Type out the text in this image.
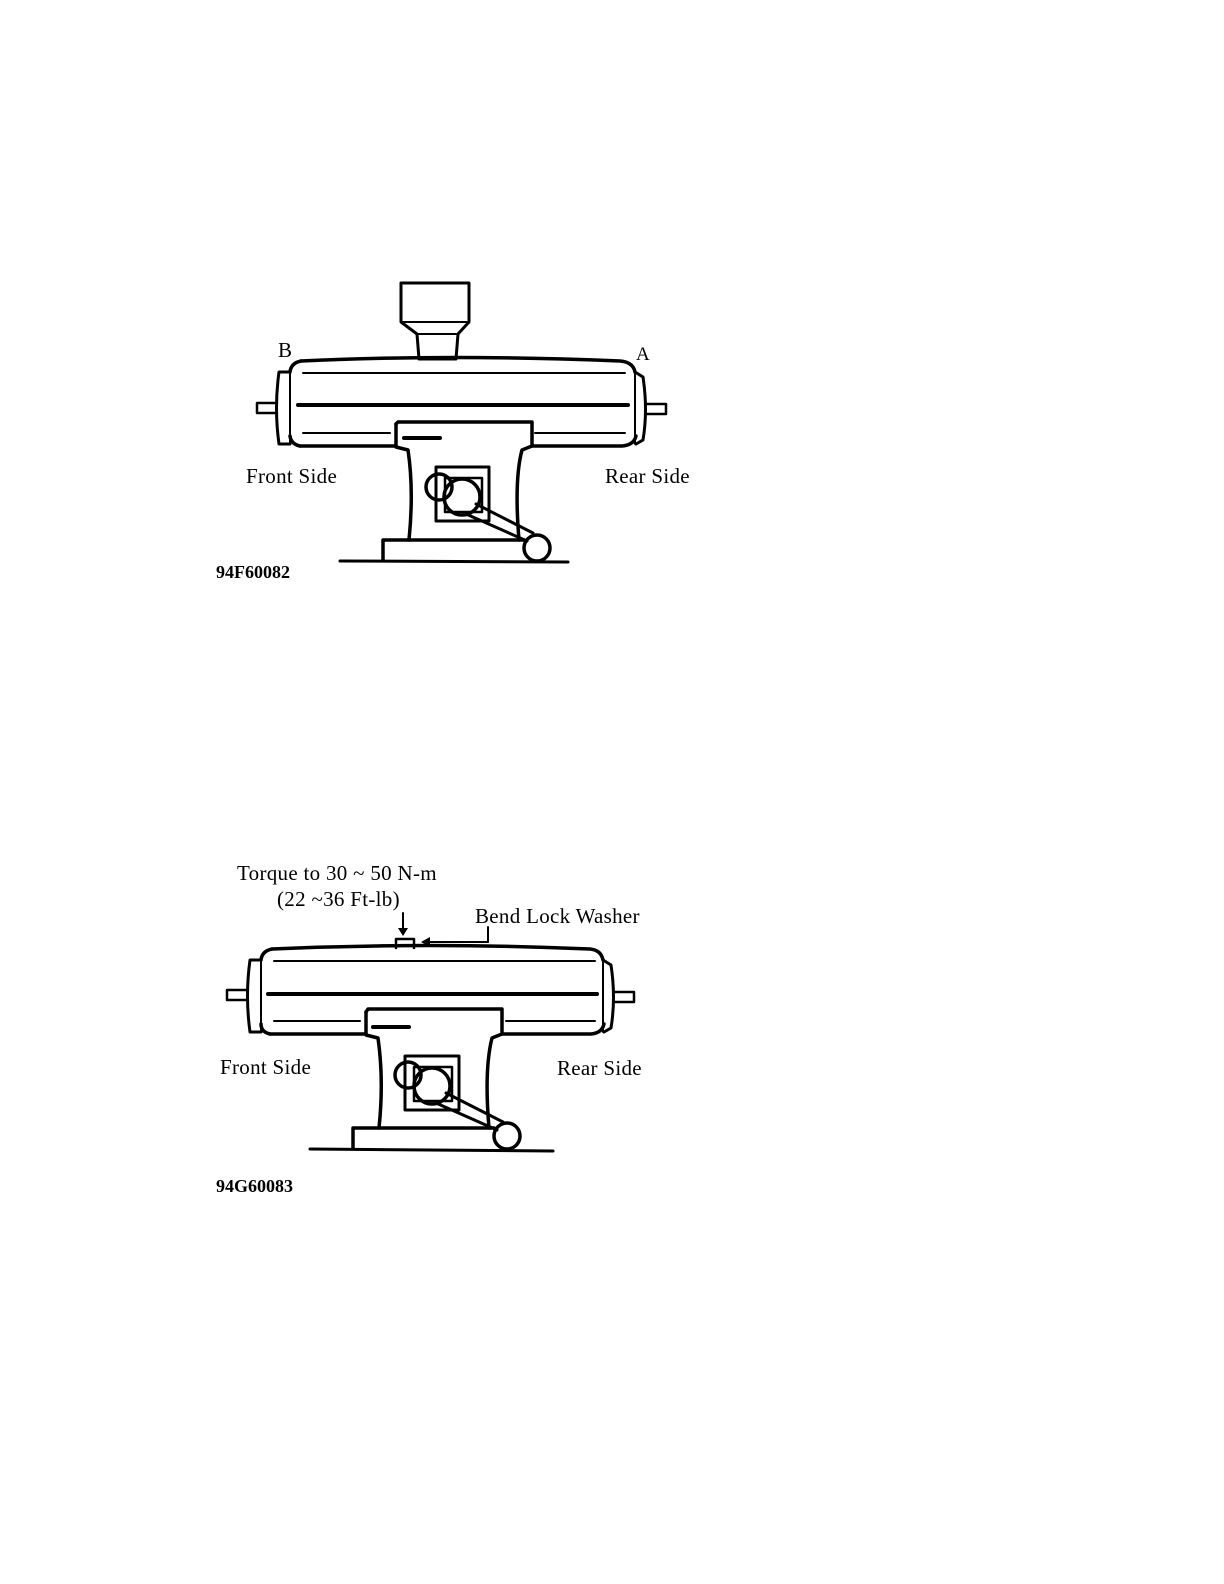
B	A
Front Side	Rear Side
94F60082
Torque to 30 ~ 50 N-m
(22 ~36 Ft-lb)
Bend Lock Washer
Front Side	Rear Side
94G60083
